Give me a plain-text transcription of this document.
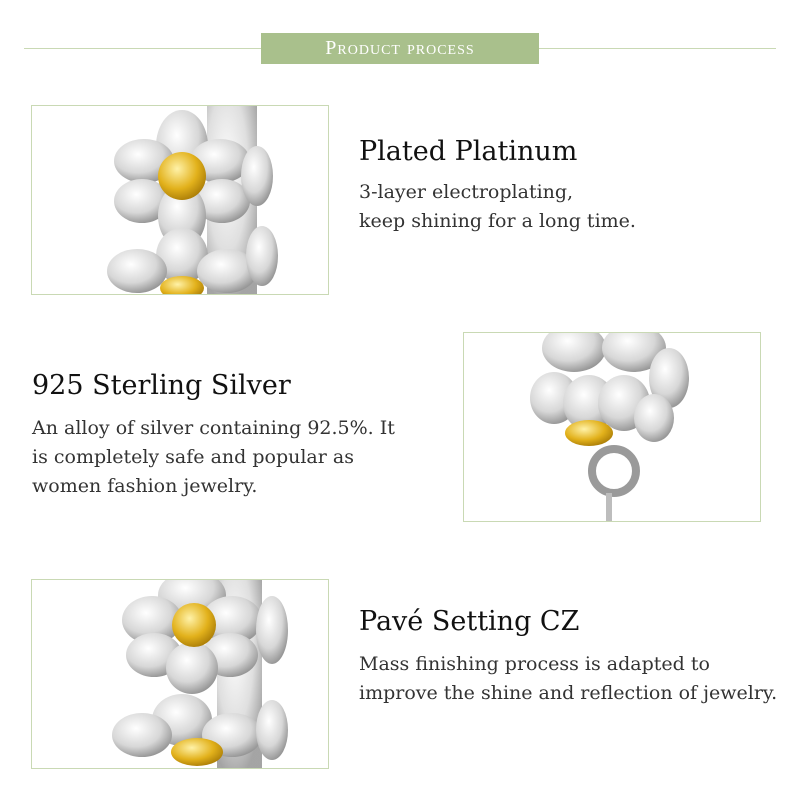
Product process
Plated Platinum
3-layer electroplating,
keep shining for a long time.
925 Sterling Silver
An alloy of silver containing 92.5%. It
is completely safe and popular as
women fashion jewelry.
Pavé Setting CZ
Mass finishing process is adapted to
improve the shine and reflection of jewelry.
